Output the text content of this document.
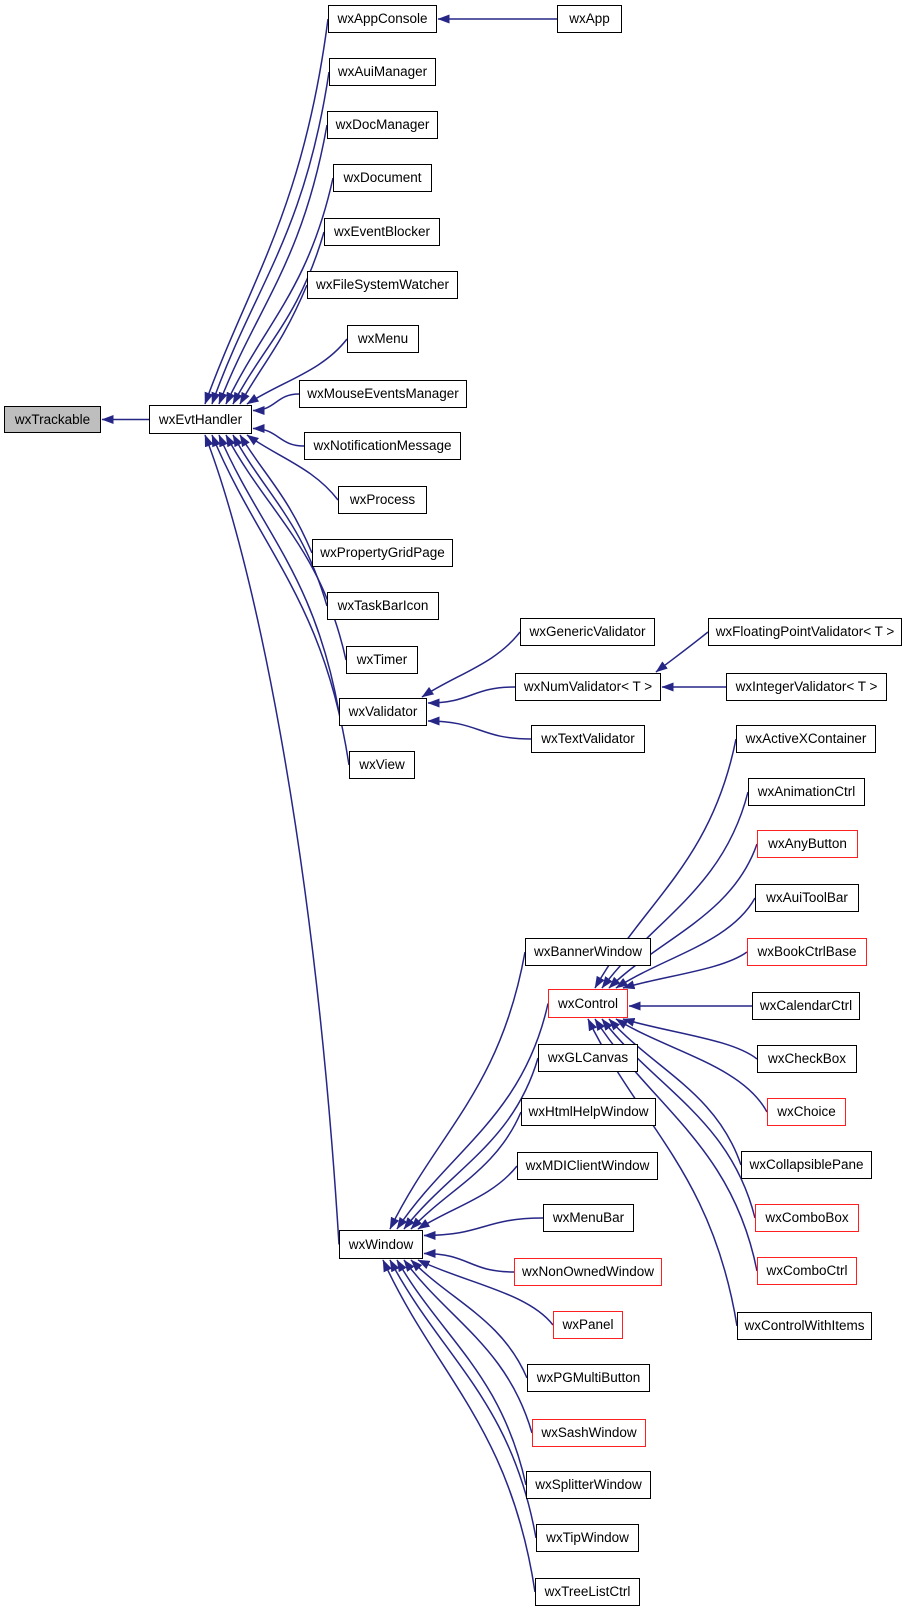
wxTrackable	wxEvtHandler
wxAppConsole
wxAuiManager
wxDocManager
wxDocument
wxEventBlocker
wxFileSystemWatcher
wxMenu
wxMouseEventsManager
wxNotificationMessage
wxProcess
wxPropertyGridPage
wxTaskBarIcon
wxTimer
wxValidator
wxView
wxWindow
wxApp
wxGenericValidator
wxNumValidator< T >
wxTextValidator
wxFloatingPointValidator< T >
wxIntegerValidator< T >
wxBannerWindow
wxControl
wxGLCanvas
wxHtmlHelpWindow
wxMDIClientWindow
wxMenuBar
wxNonOwnedWindow
wxPanel
wxPGMultiButton
wxSashWindow
wxSplitterWindow
wxTipWindow
wxTreeListCtrl
wxActiveXContainer
wxAnimationCtrl
wxAnyButton
wxAuiToolBar
wxBookCtrlBase
wxCalendarCtrl
wxCheckBox
wxChoice
wxCollapsiblePane
wxComboBox
wxComboCtrl
wxControlWithItems
